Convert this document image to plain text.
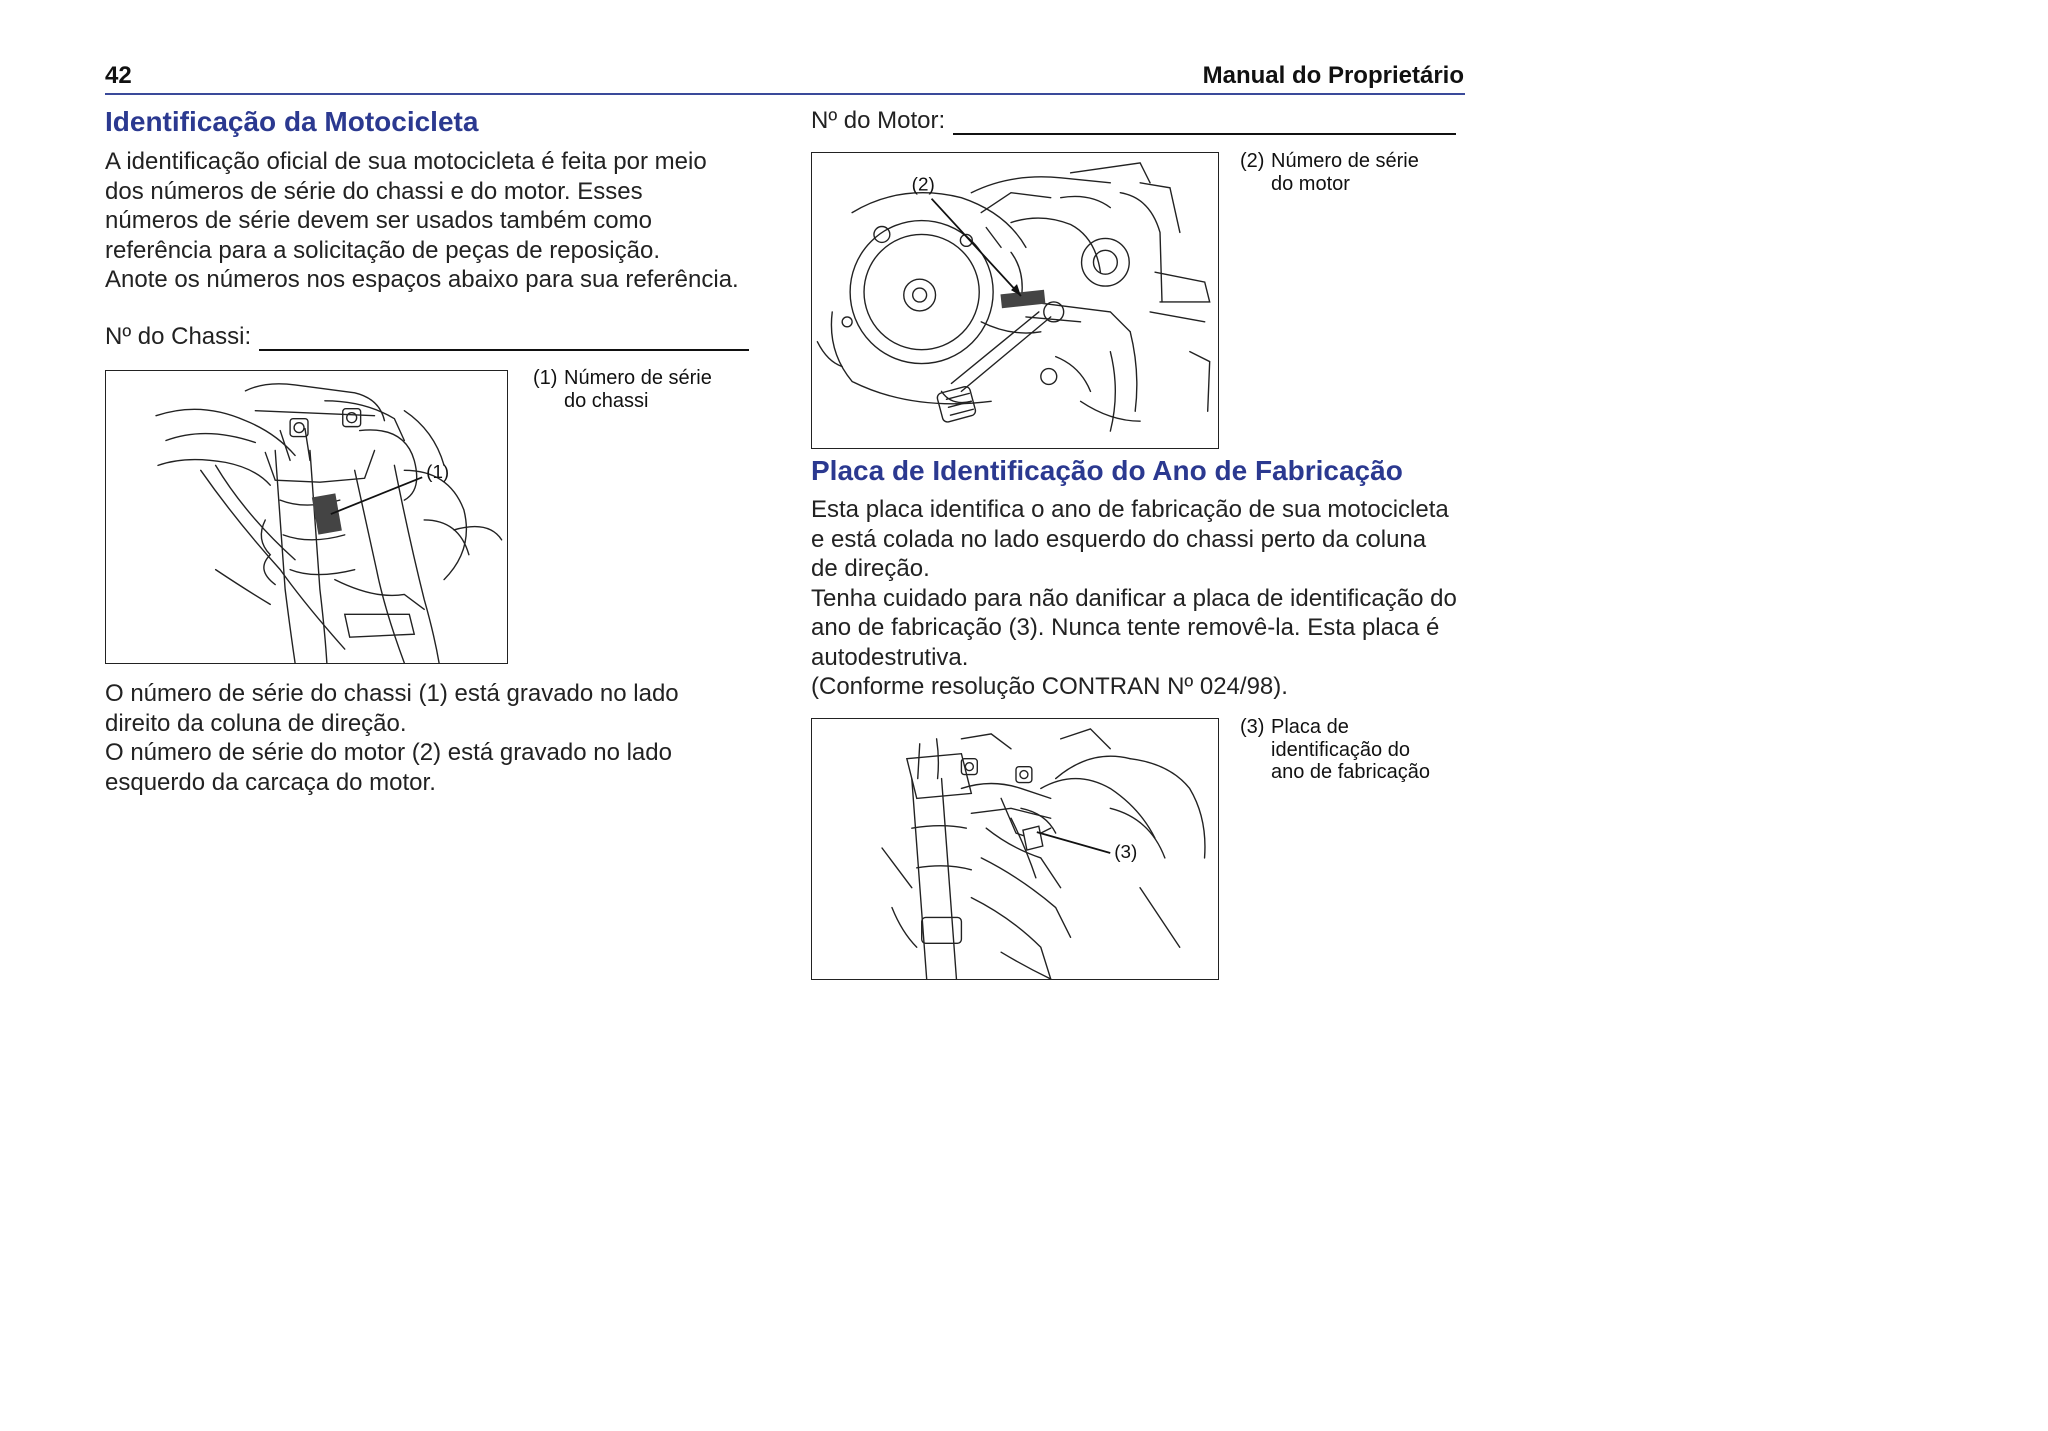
42	Manual do Proprietário
Identificação da Motocicleta

A identificação oficial de sua motocicleta é feita por meio

dos números de série do chassi e do motor. Esses

números de série devem ser usados também como

referência para a solicitação de peças de reposição.

Anote os números nos espaços abaixo para sua referência.

Nº do Chassi:
(1)
(1) Número de série

do chassi

O número de série do chassi (1) está gravado no lado

direito da coluna de direção.

O número de série do motor (2) está gravado no lado

esquerdo da carcaça do motor.

Nº do Motor:
(2)
(2) Número de série

do motor

Placa de Identificação do Ano de Fabricação

Esta placa identifica o ano de fabricação de sua motocicleta

e está colada no lado esquerdo do chassi perto da coluna

de direção.

Tenha cuidado para não danificar a placa de identificação do

ano de fabricação (3). Nunca tente removê-la. Esta placa é

autodestrutiva.

(Conforme resolução CONTRAN Nº 024/98).

(3)
(3) Placa de

identificação do

ano de fabricação
